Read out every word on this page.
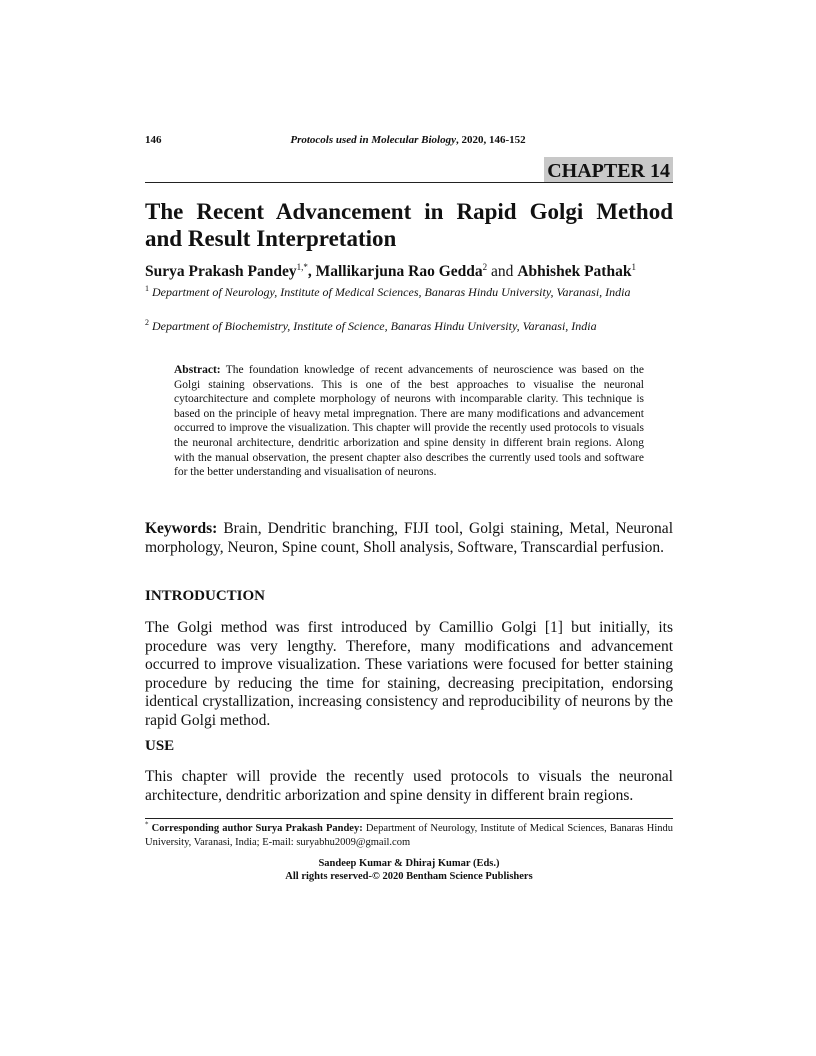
146	Protocols used in Molecular Biology, 2020, 146-152
CHAPTER 14
The Recent Advancement in Rapid Golgi Method
and Result Interpretation
Surya Prakash Pandey$^{1,*}$, Mallikarjuna Rao Gedda$^2$ and Abhishek Pathak$^1$
$^1$ Department of Neurology, Institute of Medical Sciences, Banaras Hindu University, Varanasi, India
$^2$ Department of Biochemistry, Institute of Science, Banaras Hindu University, Varanasi, India
Abstract: The foundation knowledge of recent advancements of neuroscience was based on the Golgi staining observations. This is one of the best approaches to visualise the neuronal cytoarchitecture and complete morphology of neurons with incomparable clarity. This technique is based on the principle of heavy metal impregnation. There are many modifications and advancement occurred to improve the visualization. This chapter will provide the recently used protocols to visuals the neuronal architecture, dendritic arborization and spine density in different brain regions. Along with the manual observation, the present chapter also describes the currently used tools and software for the better understanding and visualisation of neurons.
Keywords: Brain, Dendritic branching, FIJI tool, Golgi staining, Metal, Neuronal morphology, Neuron, Spine count, Sholl analysis, Software, Transcardial perfusion.
INTRODUCTION
The Golgi method was first introduced by Camillio Golgi [1] but initially, its procedure was very lengthy. Therefore, many modifications and advancement occurred to improve visualization. These variations were focused for better staining procedure by reducing the time for staining, decreasing precipitation, endorsing identical crystallization, increasing consistency and reproducibility of neurons by the rapid Golgi method.
USE
This chapter will provide the recently used protocols to visuals the neuronal architecture, dendritic arborization and spine density in different brain regions.
* Corresponding author Surya Prakash Pandey: Department of Neurology, Institute of Medical Sciences, Banaras Hindu University, Varanasi, India; E-mail: suryabhu2009@gmail.com
Sandeep Kumar & Dhiraj Kumar (Eds.)
All rights reserved-© 2020 Bentham Science Publishers
